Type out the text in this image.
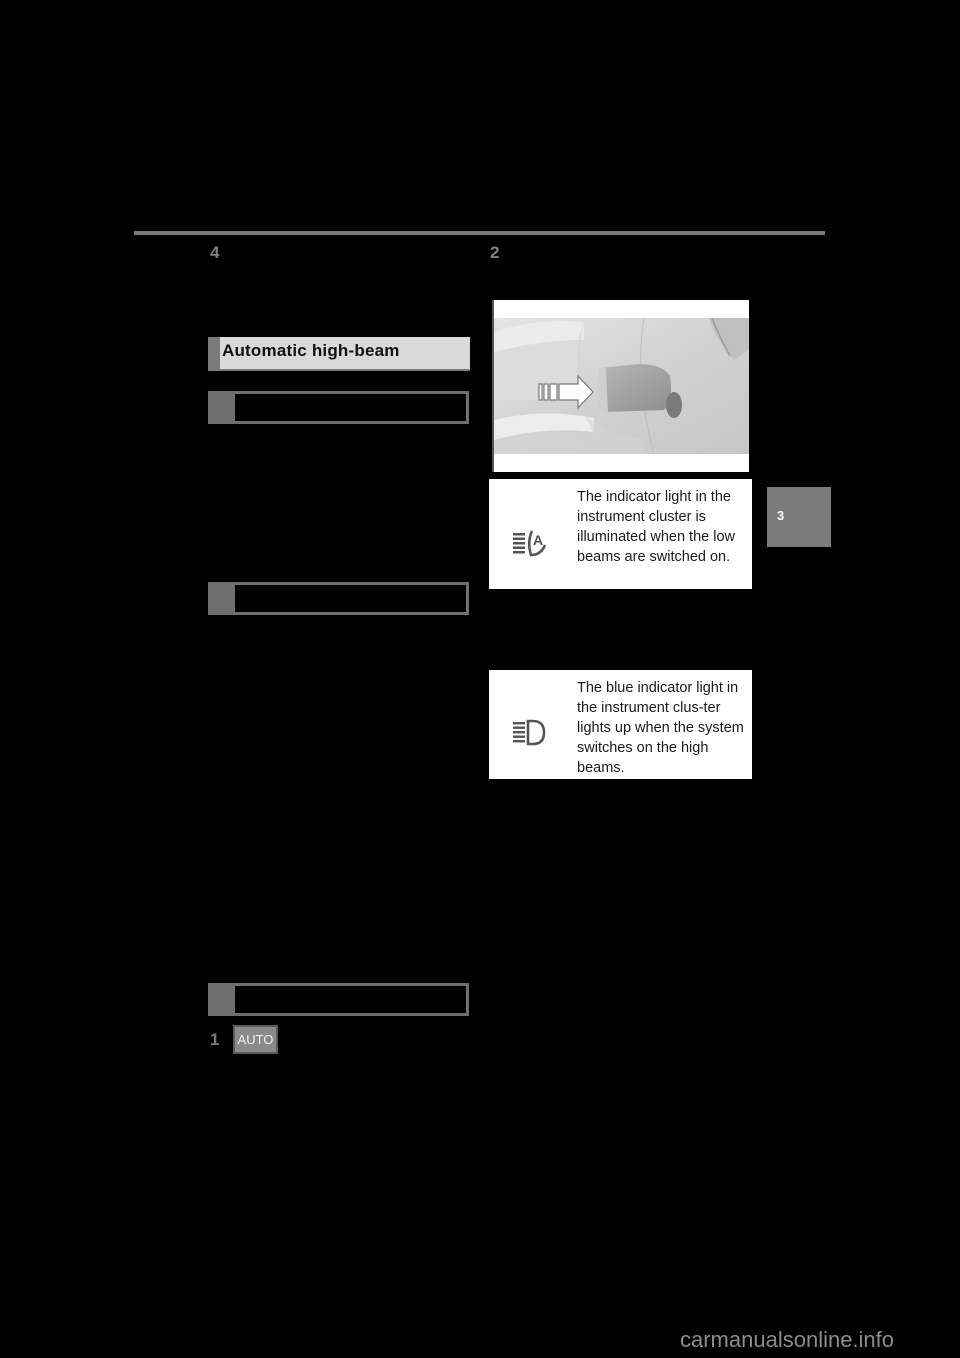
4	2
Automatic high-beam
1 AUTO
A
The indicator light in the instrument cluster is illuminated when the low beams are switched on.
The blue indicator light in the instrument clus-ter lights up when the system switches on the high beams.
3
carmanualsonline.info
